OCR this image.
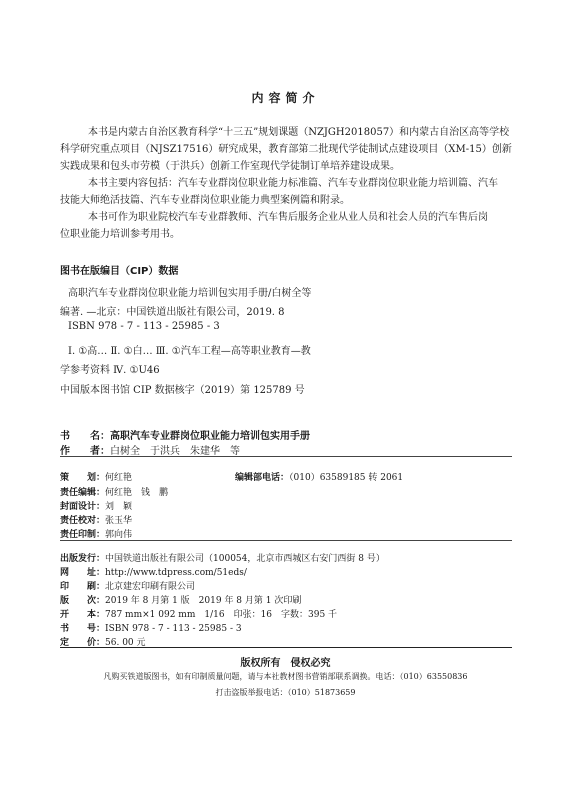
内容简介
本书是内蒙古自治区教育科学“十三五”规划课题（NZJGH2018057）和内蒙古自治区高等学校
科学研究重点项目（NJSZ17516）研究成果，教育部第二批现代学徒制试点建设项目（XM-15）创新
实践成果和包头市劳模（于洪兵）创新工作室现代学徒制订单培养建设成果。
本书主要内容包括：汽车专业群岗位职业能力标准篇、汽车专业群岗位职业能力培训篇、汽车
技能大师绝活技篇、汽车专业群岗位职业能力典型案例篇和附录。
本书可作为职业院校汽车专业群教师、汽车售后服务企业从业人员和社会人员的汽车售后岗
位职业能力培训参考用书。
图书在版编目（CIP）数据
高职汽车专业群岗位职业能力培训包实用手册/白树全等
编著. —北京：中国铁道出版社有限公司，2019. 8
ISBN 978 - 7 - 113 - 25985 - 3
Ⅰ. ①高… Ⅱ. ①白… Ⅲ. ①汽车工程—高等职业教育—教
学参考资料 Ⅳ. ①U46
中国版本图书馆 CIP 数据核字（2019）第 125789 号
书　　名：高职汽车专业群岗位职业能力培训包实用手册
作　　者：白树全　于洪兵　朱建华　等
策　　划：何红艳	编辑部电话：（010）63589185 转 2061
责任编辑：何红艳　钱　鹏
封面设计：刘　颖
责任校对：张玉华
责任印制：郭向伟
出版发行：中国铁道出版社有限公司（100054，北京市西城区右安门西街 8 号）
网　　址：http://www.tdpress.com/51eds/
印　　刷：北京建宏印刷有限公司
版　　次：2019 年 8 月第 1 版　2019 年 8 月第 1 次印刷
开　　本：787 mm×1 092 mm　1/16　印张：16　字数：395 千
书　　号：ISBN 978 - 7 - 113 - 25985 - 3
定　　价：56. 00 元
版权所有　侵权必究
凡购买铁道版图书，如有印制质量问题，请与本社教材图书营销部联系调换。电话：（010）63550836
打击盗版举报电话：（010）51873659
